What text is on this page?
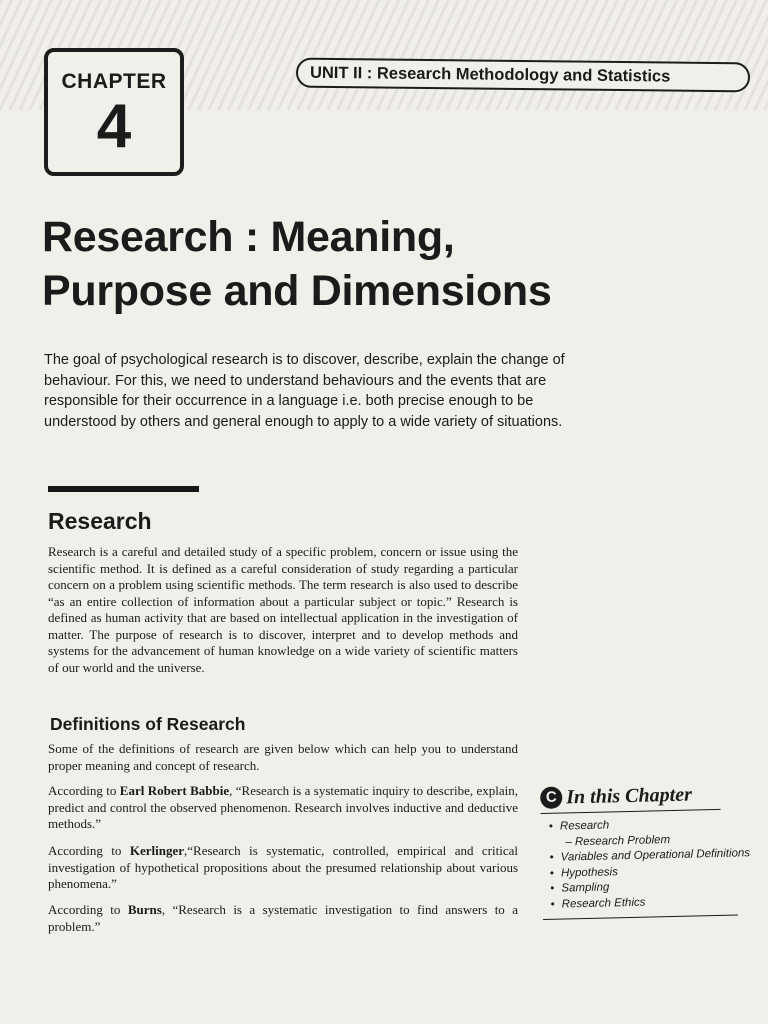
CHAPTER
4
UNIT II : Research Methodology and Statistics
Research : Meaning,
Purpose and Dimensions

The goal of psychological research is to discover, describe, explain the change of behaviour. For this, we need to understand behaviours and the events that are responsible for their occurrence in a language i.e. both precise enough to be understood by others and general enough to apply to a wide variety of situations.

Research

Research is a careful and detailed study of a specific problem, concern or issue using the scientific method. It is defined as a careful consideration of study regarding a particular concern on a problem using scientific methods. The term research is also used to describe “as an entire collection of information about a particular subject or topic.” Research is defined as human activity that are based on intellectual application in the investigation of matter. The purpose of research is to discover, interpret and to develop methods and systems for the advancement of human knowledge on a wide variety of scientific matters of our world and the universe.

Definitions of Research

Some of the definitions of research are given below which can help you to understand proper meaning and concept of research.

According to Earl Robert Babbie, “Research is a systematic inquiry to describe, explain, predict and control the observed phenomenon. Research involves inductive and deductive methods.”

According to Kerlinger,“Research is systematic, controlled, empirical and critical investigation of hypothetical propositions about the presumed relationship about various phenomena.”

According to Burns, “Research is a systematic investigation to find answers to a problem.”

C In this Chapter
• Research
– Research Problem
• Variables and Operational Definitions
• Hypothesis
• Sampling
• Research Ethics
